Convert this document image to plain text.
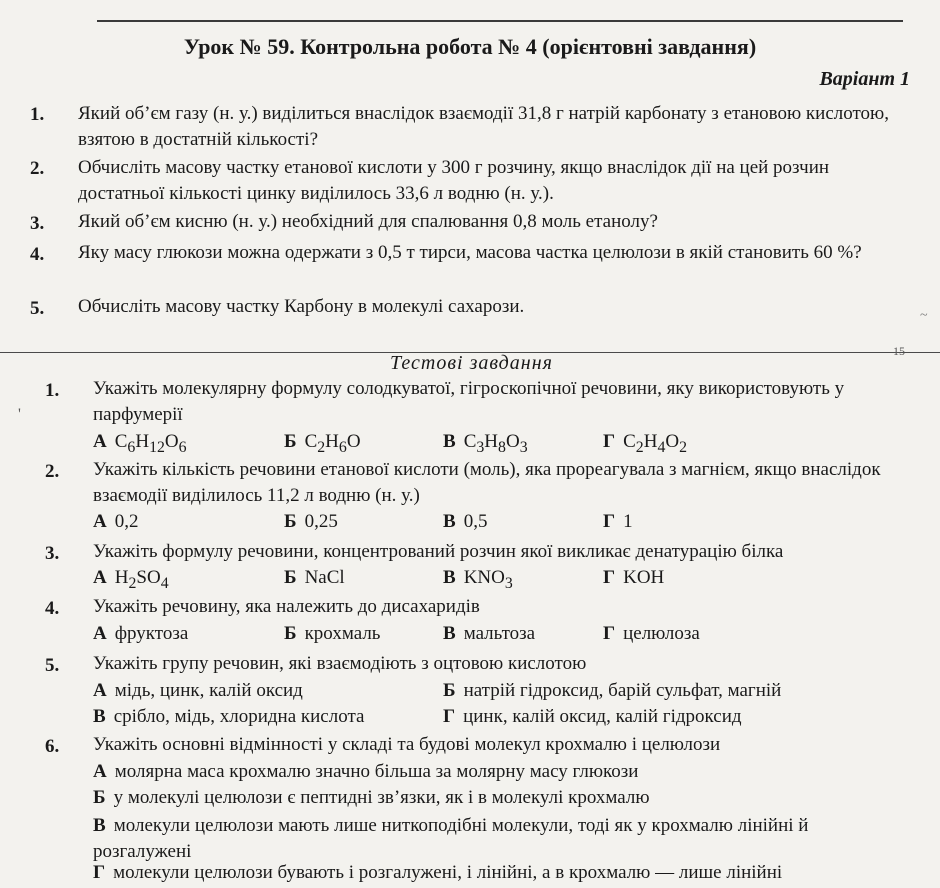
Урок № 59. Контрольна робота № 4 (орієнтовні завдання)
Варіант 1
1. Який об’єм газу (н. у.) виділиться внаслідок взаємодії 31,8 г натрій карбонату з етановою кислотою, взятою в достатній кількості?
2. Обчисліть масову частку етанової кислоти у 300 г розчину, якщо внаслідок дії на цей розчин достатньої кількості цинку виділилось 33,6 л водню (н. у.).
3. Який об’єм кисню (н. у.) необхідний для спалювання 0,8 моль етанолу?
4. Яку масу глюкози можна одержати з 0,5 т тирси, масова частка целюлози в якій становить 60 %?
5. Обчисліть масову частку Карбону в молекулі сахарози.	~
15
Тестові завдання
'
1. Укажіть молекулярну формулу солодкуватої, гігроскопічної речовини, яку використовують у парфумерії
А $C_6H_{12}O_6$	Б $C_2H_6O$	В $C_3H_8O_3$	Г $C_2H_4O_2$
2. Укажіть кількість речовини етанової кислоти (моль), яка прореагувала з магнієм, якщо внаслідок взаємодії виділилось 11,2 л водню (н. у.)
А 0,2	Б 0,25	В 0,5	Г 1
3. Укажіть формулу речовини, концентрований розчин якої викликає денатурацію білка
А $H_2SO_4$	Б NaCl	В $KNO_3$	Г KOH
4. Укажіть речовину, яка належить до дисахаридів
А фруктоза	Б крохмаль	В мальтоза	Г целюлоза
5. Укажіть групу речовин, які взаємодіють з оцтовою кислотою
А мідь, цинк, калій оксид	Б натрій гідроксид, барій сульфат, магній
В срібло, мідь, хлоридна кислота	Г цинк, калій оксид, калій гідроксид
6. Укажіть основні відмінності у складі та будові молекул крохмалю і целюлози
А молярна маса крохмалю значно більша за молярну масу глюкози
Б у молекулі целюлози є пептидні зв’язки, як і в молекулі крохмалю
В молекули целюлози мають лише ниткоподібні молекули, тоді як у крохмалю лінійні й розгалужені
Г молекули целюлози бувають і розгалужені, і лінійні, а в крохмалю — лише лінійні
